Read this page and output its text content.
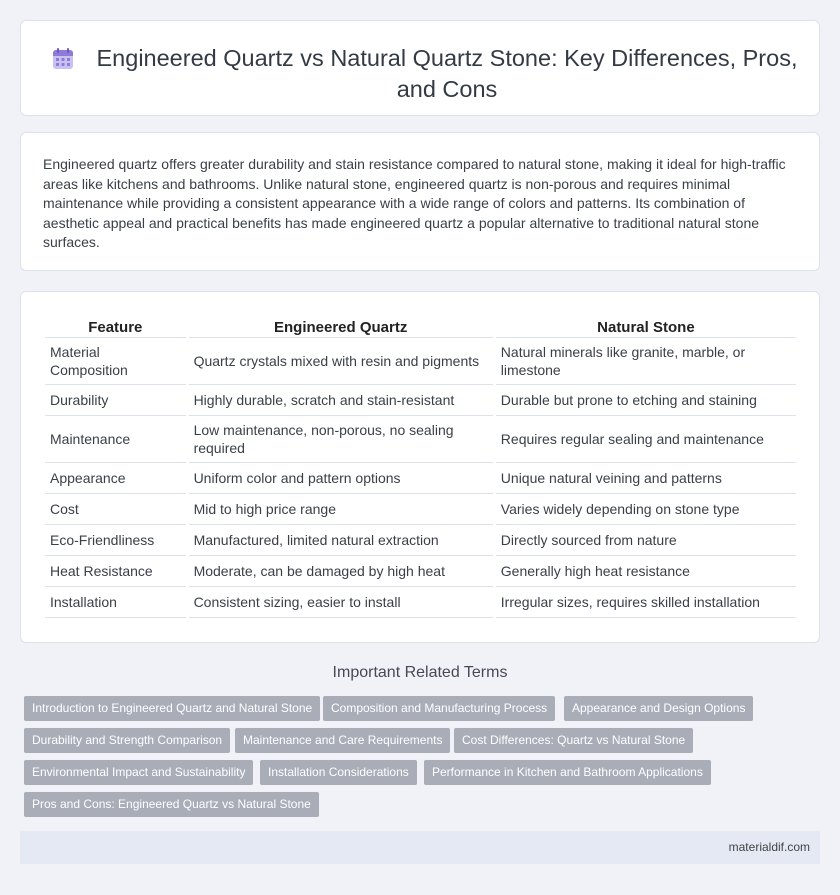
Engineered Quartz vs Natural Quartz Stone: Key Differences, Pros, and Cons

Engineered quartz offers greater durability and stain resistance compared to natural stone, making it ideal for high-traffic areas like kitchens and bathrooms. Unlike natural stone, engineered quartz is non-porous and requires minimal maintenance while providing a consistent appearance with a wide range of colors and patterns. Its combination of aesthetic appeal and practical benefits has made engineered quartz a popular alternative to traditional natural stone surfaces.

Feature	Engineered Quartz	Natural Stone
Material Composition	Quartz crystals mixed with resin and pigments	Natural minerals like granite, marble, or limestone
Durability	Highly durable, scratch and stain-resistant	Durable but prone to etching and staining
Maintenance	Low maintenance, non-porous, no sealing required	Requires regular sealing and maintenance
Appearance	Uniform color and pattern options	Unique natural veining and patterns
Cost	Mid to high price range	Varies widely depending on stone type
Eco-Friendliness	Manufactured, limited natural extraction	Directly sourced from nature
Heat Resistance	Moderate, can be damaged by high heat	Generally high heat resistance
Installation	Consistent sizing, easier to install	Irregular sizes, requires skilled installation
Important Related Terms
Introduction to Engineered Quartz and Natural Stone	Composition and Manufacturing Process	Appearance and Design Options
Durability and Strength Comparison	Maintenance and Care Requirements	Cost Differences: Quartz vs Natural Stone
Environmental Impact and Sustainability	Installation Considerations	Performance in Kitchen and Bathroom Applications
Pros and Cons: Engineered Quartz vs Natural Stone
materialdif.com
